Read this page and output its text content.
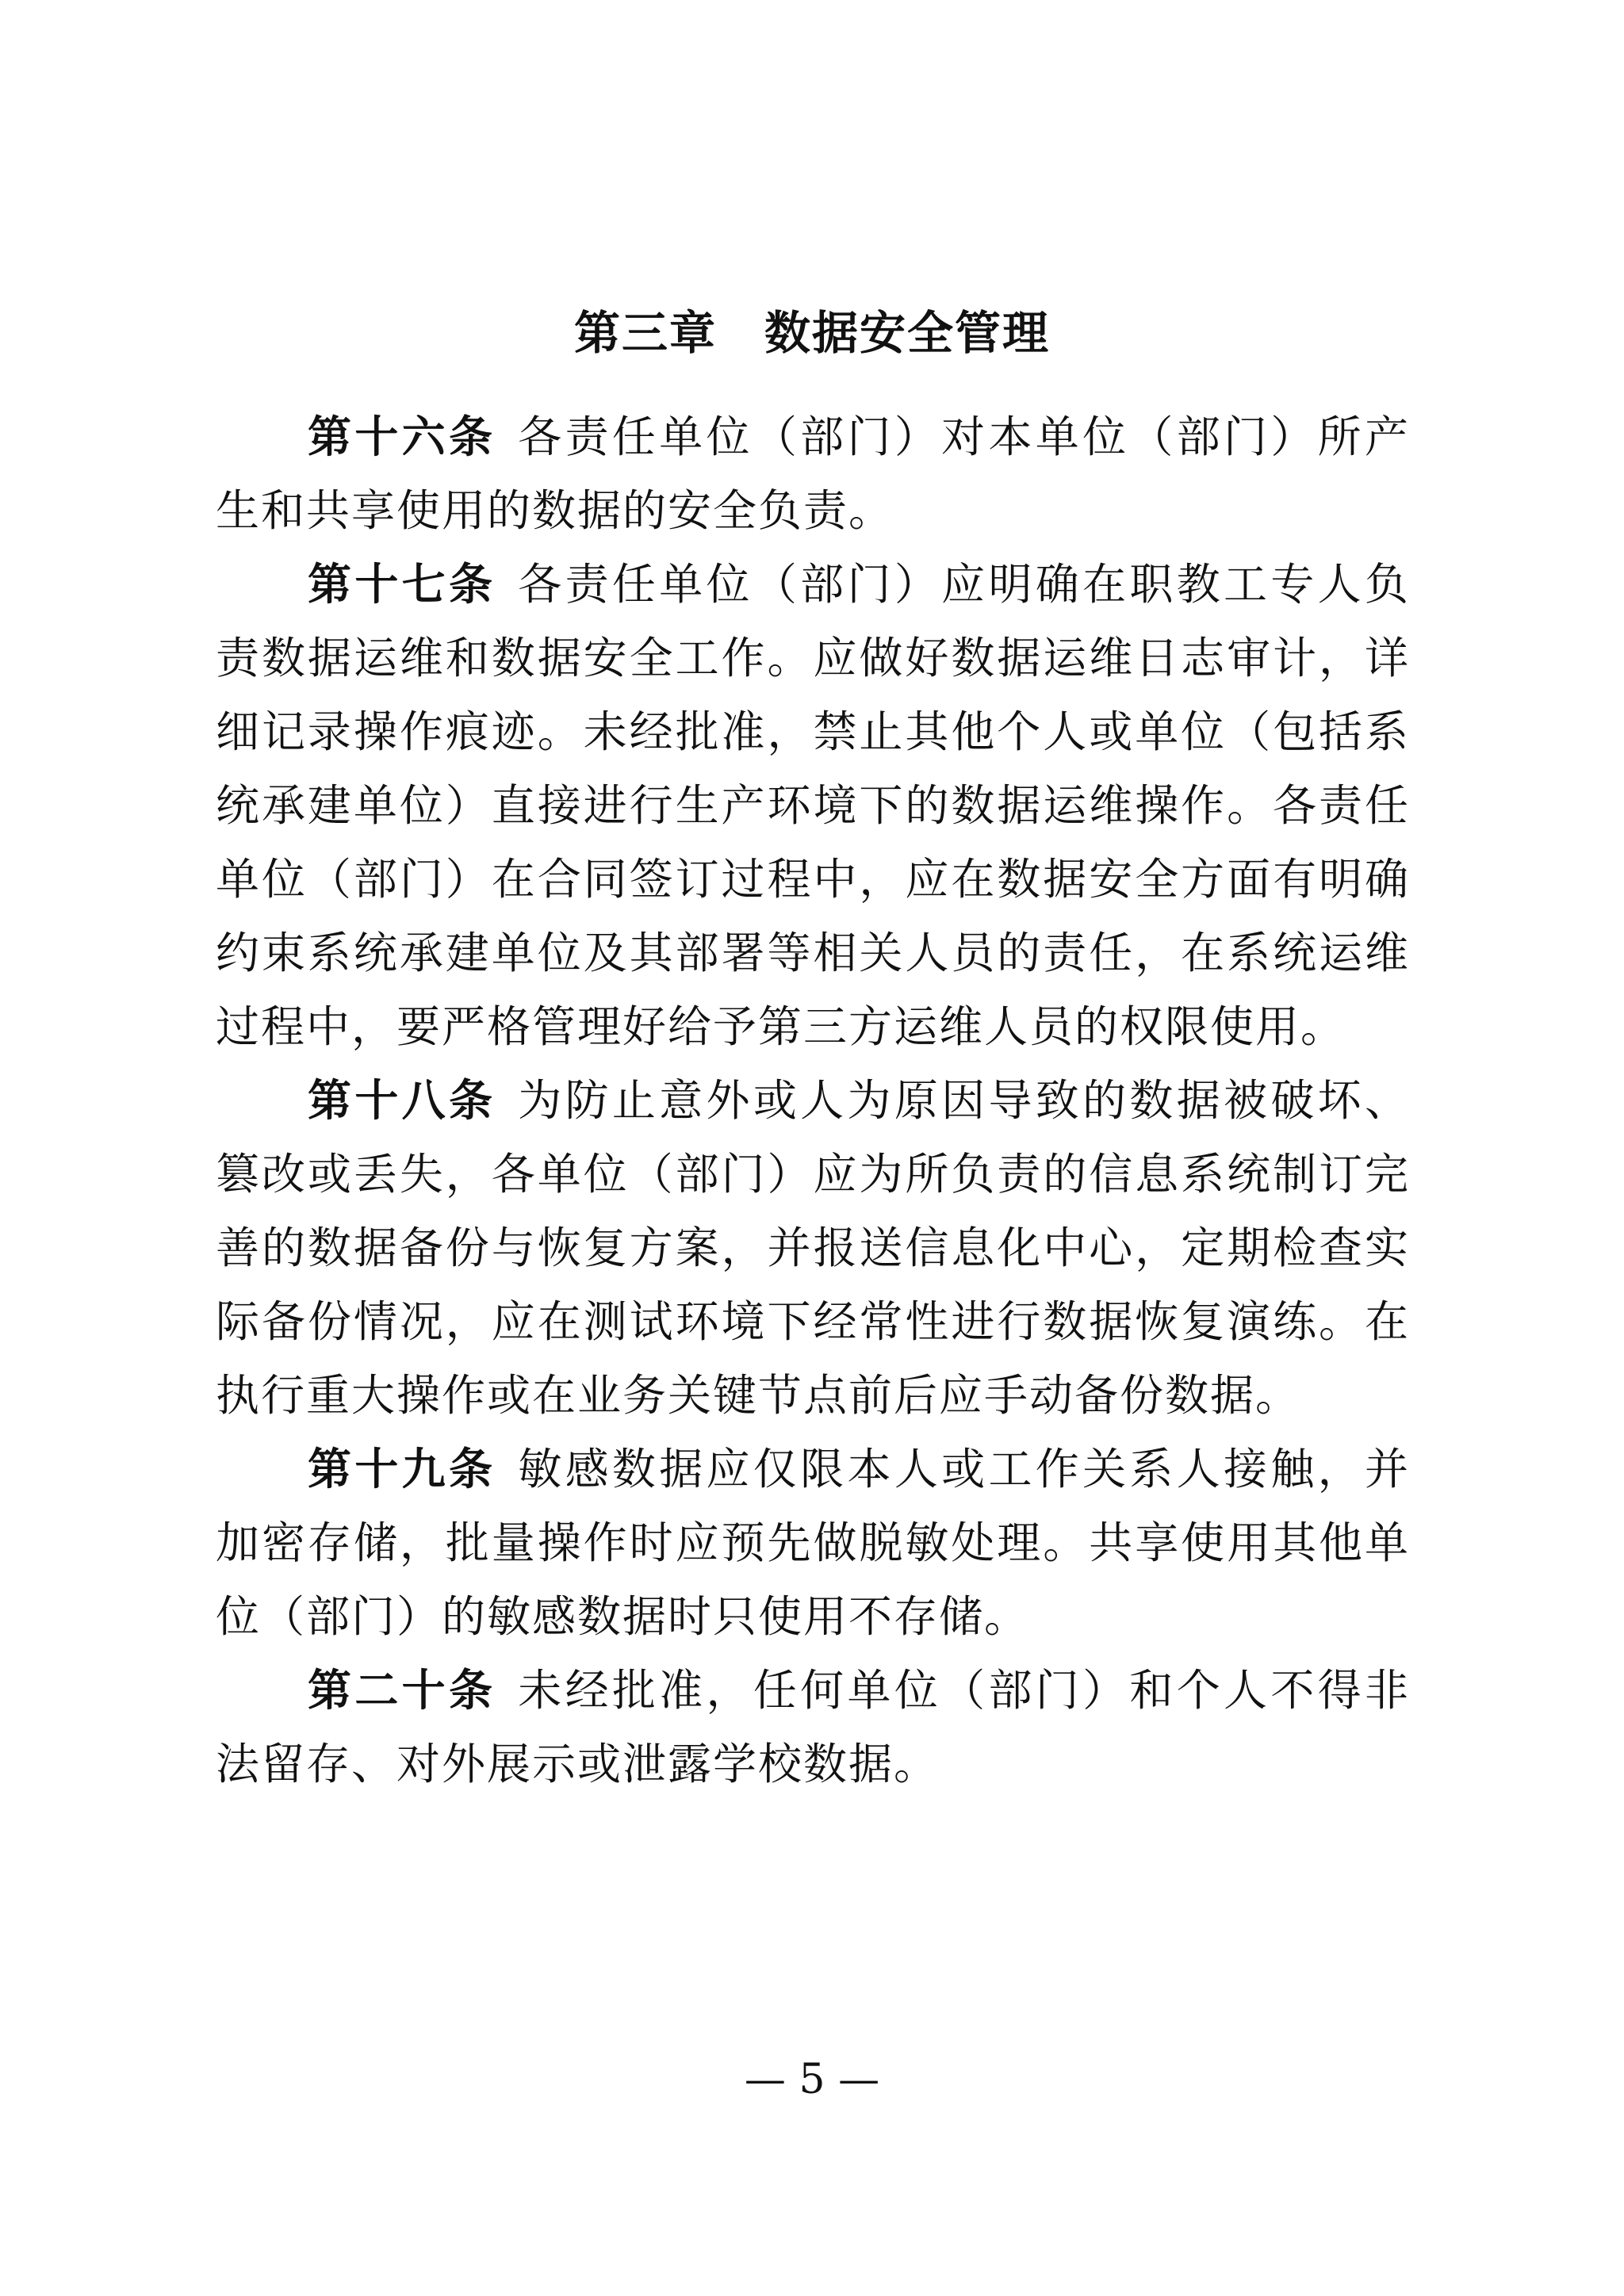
第三章　数据安全管理

第十六条 各责任单位（部门）对本单位（部门）所产生和共享使用的数据的安全负责。

第十七条 各责任单位（部门）应明确在职教工专人负责数据运维和数据安全工作。应做好数据运维日志审计，详细记录操作痕迹。未经批准，禁止其他个人或单位（包括系统承建单位）直接进行生产环境下的数据运维操作。各责任单位（部门）在合同签订过程中，应在数据安全方面有明确约束系统承建单位及其部署等相关人员的责任，在系统运维过程中，要严格管理好给予第三方运维人员的权限使用。

第十八条 为防止意外或人为原因导致的数据被破坏、篡改或丢失，各单位（部门）应为所负责的信息系统制订完善的数据备份与恢复方案，并报送信息化中心，定期检查实际备份情况，应在测试环境下经常性进行数据恢复演练。在执行重大操作或在业务关键节点前后应手动备份数据。

第十九条 敏感数据应仅限本人或工作关系人接触，并加密存储，批量操作时应预先做脱敏处理。共享使用其他单位（部门）的敏感数据时只使用不存储。

第二十条 未经批准，任何单位（部门）和个人不得非法留存、对外展示或泄露学校数据。

— 5 —
